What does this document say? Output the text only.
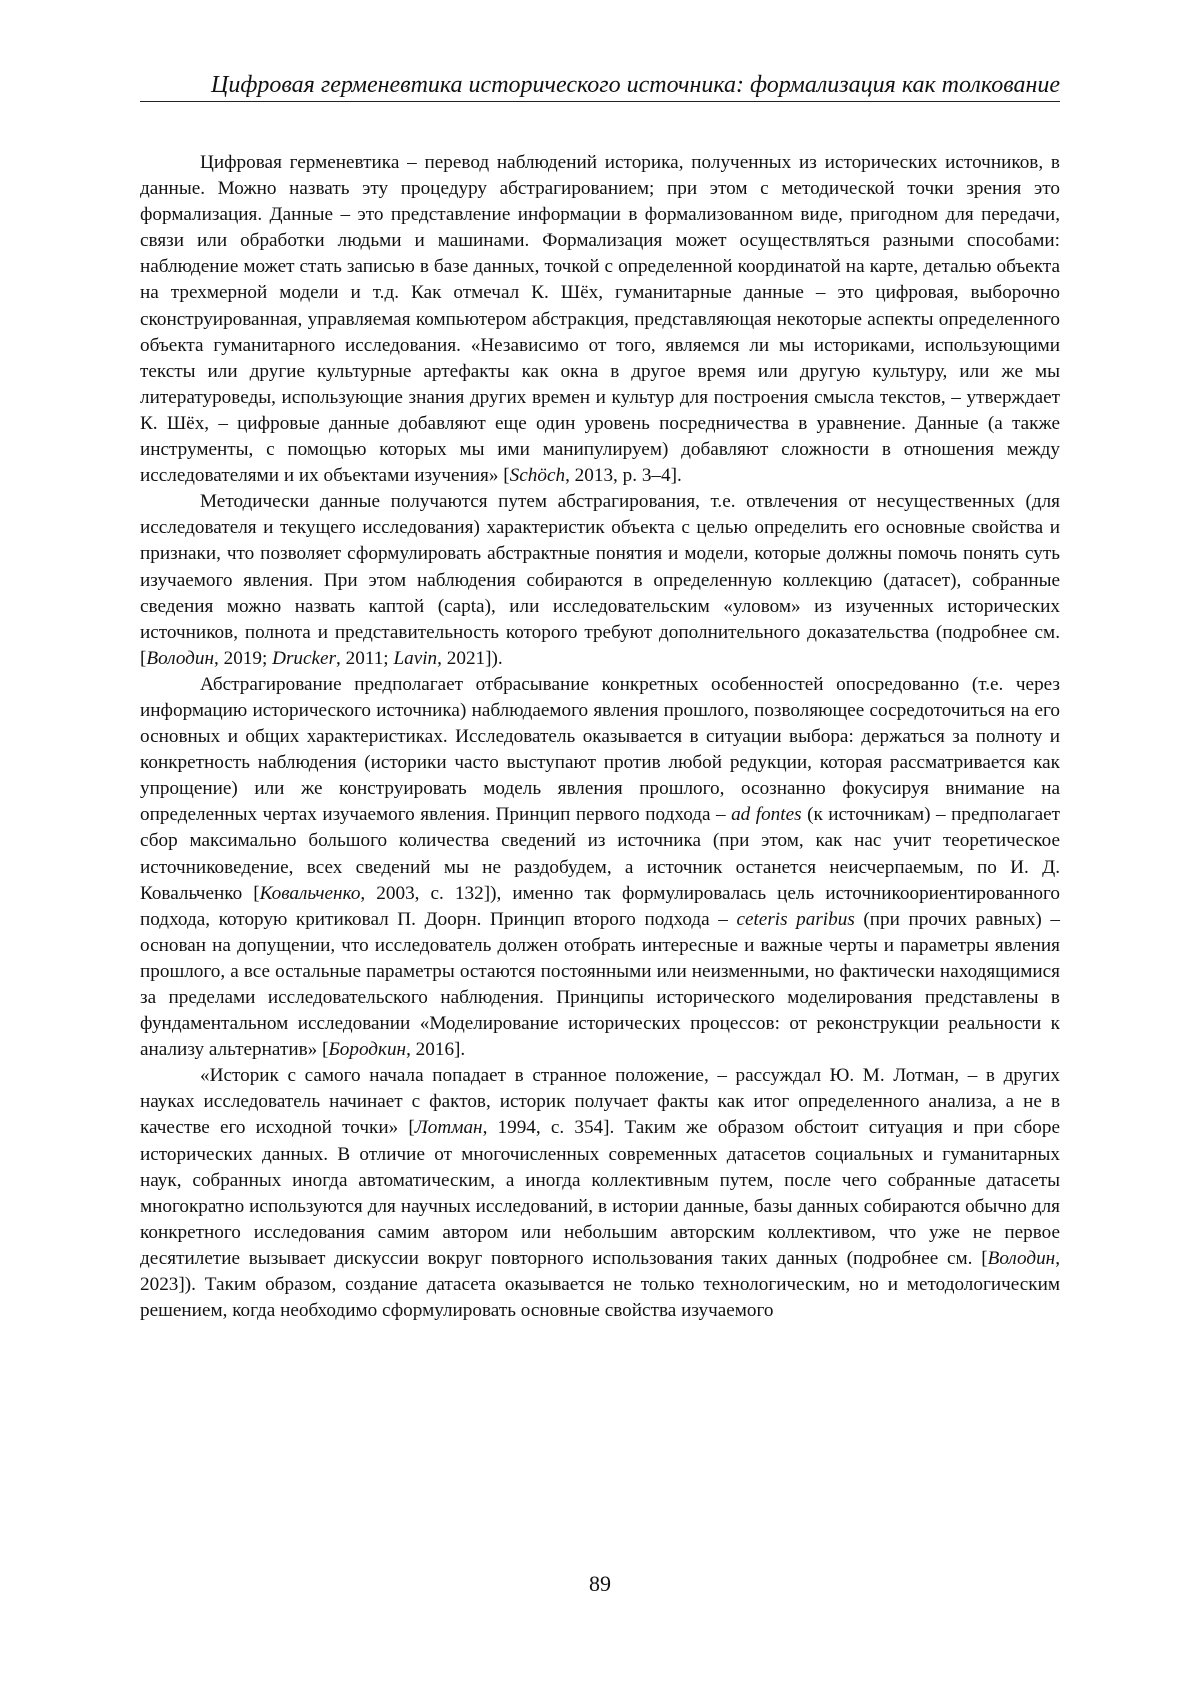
Цифровая герменевтика исторического источника: формализация как толкование

Цифровая герменевтика – перевод наблюдений историка, полученных из исторических источников, в данные. Можно назвать эту процедуру абстрагированием; при этом с методической точки зрения это формализация. Данные – это представление информации в формализованном виде, пригодном для передачи, связи или обработки людьми и машинами. Формализация может осуществляться разными способами: наблюдение может стать записью в базе данных, точкой с определенной координатой на карте, деталью объекта на трехмерной модели и т.д. Как отмечал К. Шёх, гуманитарные данные – это цифровая, выборочно сконструированная, управляемая компьютером абстракция, представляющая некоторые аспекты определенного объекта гуманитарного исследования. «Независимо от того, являемся ли мы историками, использующими тексты или другие культурные артефакты как окна в другое время или другую культуру, или же мы литературоведы, использующие знания других времен и культур для построения смысла текстов, – утверждает К. Шёх, – цифровые данные добавляют еще один уровень посредничества в уравнение. Данные (а также инструменты, с помощью которых мы ими манипулируем) добавляют сложности в отношения между исследователями и их объектами изучения» [Schöch, 2013, p. 3–4].

Методически данные получаются путем абстрагирования, т.е. отвлечения от несущественных (для исследователя и текущего исследования) характеристик объекта с целью определить его основные свойства и признаки, что позволяет сформулировать абстрактные понятия и модели, которые должны помочь понять суть изучаемого явления. При этом наблюдения собираются в определенную коллекцию (датасет), собранные сведения можно назвать каптой (capta), или исследовательским «уловом» из изученных исторических источников, полнота и представительность которого требуют дополнительного доказательства (подробнее см. [Володин, 2019; Drucker, 2011; Lavin, 2021]).

Абстрагирование предполагает отбрасывание конкретных особенностей опосредованно (т.е. через информацию исторического источника) наблюдаемого явления прошлого, позволяющее сосредоточиться на его основных и общих характеристиках. Исследователь оказывается в ситуации выбора: держаться за полноту и конкретность наблюдения (историки часто выступают против любой редукции, которая рассматривается как упрощение) или же конструировать модель явления прошлого, осознанно фокусируя внимание на определенных чертах изучаемого явления. Принцип первого подхода – ad fontes (к источникам) – предполагает сбор максимально большого количества сведений из источника (при этом, как нас учит теоретическое источниковедение, всех сведений мы не раздобудем, а источник останется неисчерпаемым, по И. Д. Ковальченко [Ковальченко, 2003, с. 132]), именно так формулировалась цель источникоориентированного подхода, которую критиковал П. Доорн. Принцип второго подхода – ceteris paribus (при прочих равных) – основан на допущении, что исследователь должен отобрать интересные и важные черты и параметры явления прошлого, а все остальные параметры остаются постоянными или неизменными, но фактически находящимися за пределами исследовательского наблюдения. Принципы исторического моделирования представлены в фундаментальном исследовании «Моделирование исторических процессов: от реконструкции реальности к анализу альтернатив» [Бородкин, 2016].

«Историк с самого начала попадает в странное положение, – рассуждал Ю. М. Лотман, – в других науках исследователь начинает с фактов, историк получает факты как итог определенного анализа, а не в качестве его исходной точки» [Лотман, 1994, с. 354]. Таким же образом обстоит ситуация и при сборе исторических данных. В отличие от многочисленных современных датасетов социальных и гуманитарных наук, собранных иногда автоматическим, а иногда коллективным путем, после чего собранные датасеты многократно используются для научных исследований, в истории данные, базы данных собираются обычно для конкретного исследования самим автором или небольшим авторским коллективом, что уже не первое десятилетие вызывает дискуссии вокруг повторного использования таких данных (подробнее см. [Володин, 2023]). Таким образом, создание датасета оказывается не только технологическим, но и методологическим решением, когда необходимо сформулировать основные свойства изучаемого

89
